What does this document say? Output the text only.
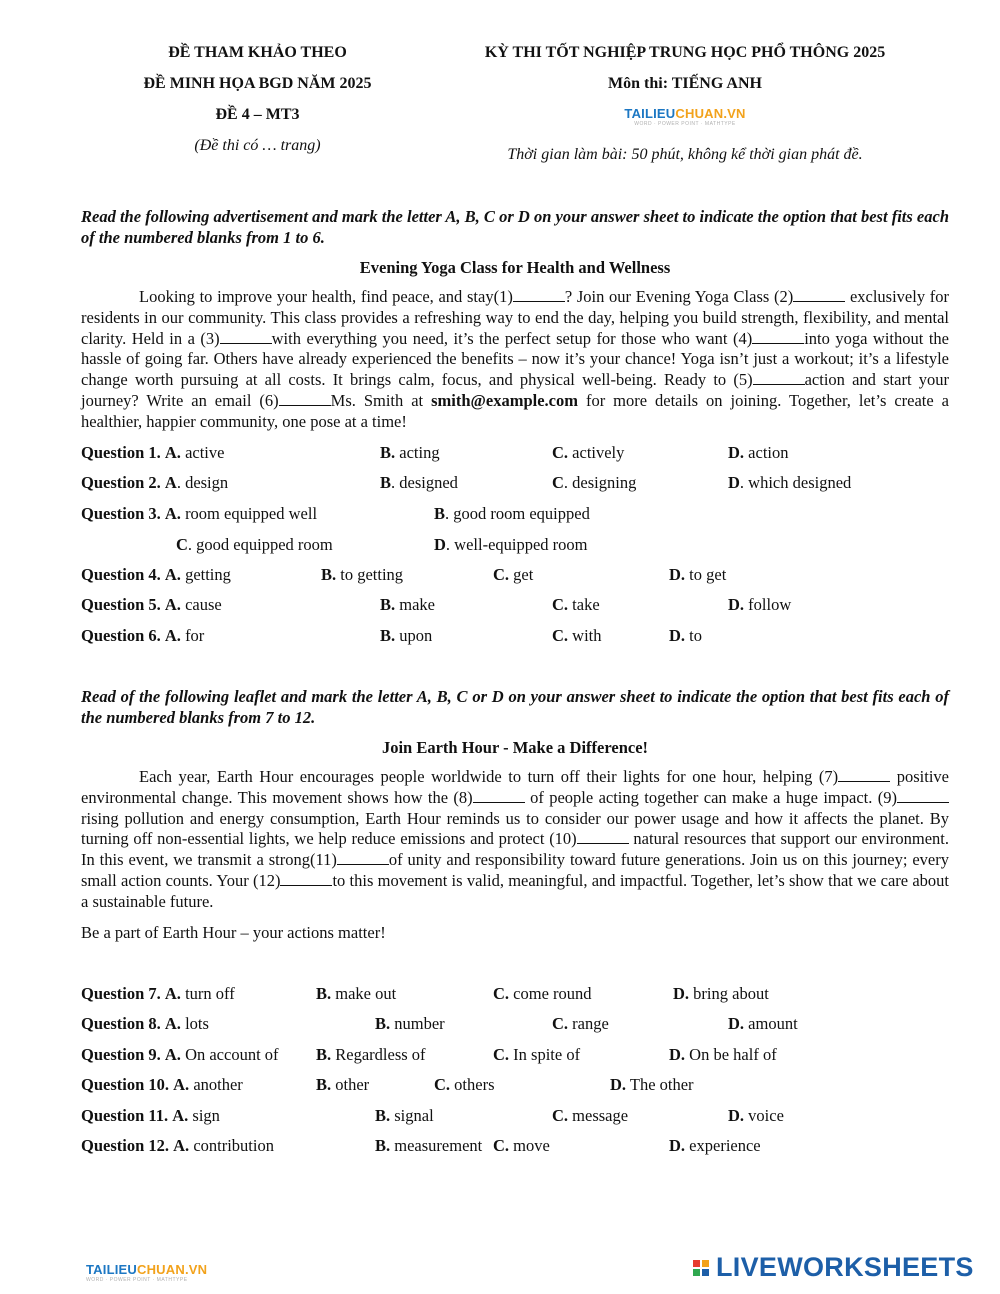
ĐỀ THAM KHẢO THEO
ĐỀ MINH HỌA BGD NĂM 2025
ĐỀ 4 – MT3
(Đề thi có … trang)
KỲ THI TỐT NGHIỆP TRUNG HỌC PHỔ THÔNG 2025
Môn thi: TIẾNG ANH
TAILIEUCHUAN.VN
WORD · POWER POINT · MATHTYPE
Thời gian làm bài: 50 phút, không kể thời gian phát đề.
Read the following advertisement and mark the letter A, B, C or D on your answer sheet to indicate the option that best fits each of the numbered blanks from 1 to 6.
Evening Yoga Class for Health and Wellness
Looking to improve your health, find peace, and stay(1)	? Join our Evening Yoga Class (2)	exclusively for residents in our community. This class provides a refreshing way to end the day, helping you build strength, flexibility, and mental clarity. Held in a (3)	with everything you need, it’s the perfect setup for those who want (4)	into yoga without the hassle of going far. Others have already experienced the benefits – now it’s your chance! Yoga isn’t just a workout; it’s a lifestyle change worth pursuing at all costs. It brings calm, focus, and physical well-being. Ready to (5)	action and start your journey? Write an email (6)	Ms. Smith at smith@example.com for more details on joining. Together, let’s create a healthier, happier community, one pose at a time!
Question 1. A. active	B. acting	C. actively	D. action
Question 2. A. design	B. designed	C. designing	D. which designed
Question 3. A. room equipped well	B. good room equipped
C. good equipped room	D. well-equipped room
Question 4. A. getting	B. to getting	C. get	D. to get
Question 5. A. cause	B. make	C. take	D. follow
Question 6. A. for	B. upon	C. with	D. to
Read of the following leaflet and mark the letter A, B, C or D on your answer sheet to indicate the option that best fits each of the numbered blanks from 7 to 12.
Join Earth Hour - Make a Difference!
Each year, Earth Hour encourages people worldwide to turn off their lights for one hour, helping (7)	positive environmental change. This movement shows how the (8)	of people acting together can make a huge impact. (9)rising pollution and energy consumption, Earth Hour reminds us to consider our power usage and how it affects the planet. By turning off non-essential lights, we help reduce emissions and protect (10)	natural resources that support our environment. In this event, we transmit a strong(11)	of unity and responsibility toward future generations. Join us on this journey; every small action counts. Your (12)	to this movement is valid, meaningful, and impactful. Together, let’s show that we care about a sustainable future.
Be a part of Earth Hour – your actions matter!
Question 7. A. turn off	B. make out	C. come round	D. bring about
Question 8. A. lots	B. number	C. range	D. amount
Question 9. A. On account of B. Regardless of	C. In spite of	D. On be half of
Question 10. A. another	B. other	C. others	D. The other
Question 11. A. sign	B. signal	C. message	D. voice
Question 12. A. contribution	B. measurement C. move	D. experience
TAILIEUCHUAN.VN
WORD · POWER POINT · MATHTYPE	LIVEWORKSHEETS
